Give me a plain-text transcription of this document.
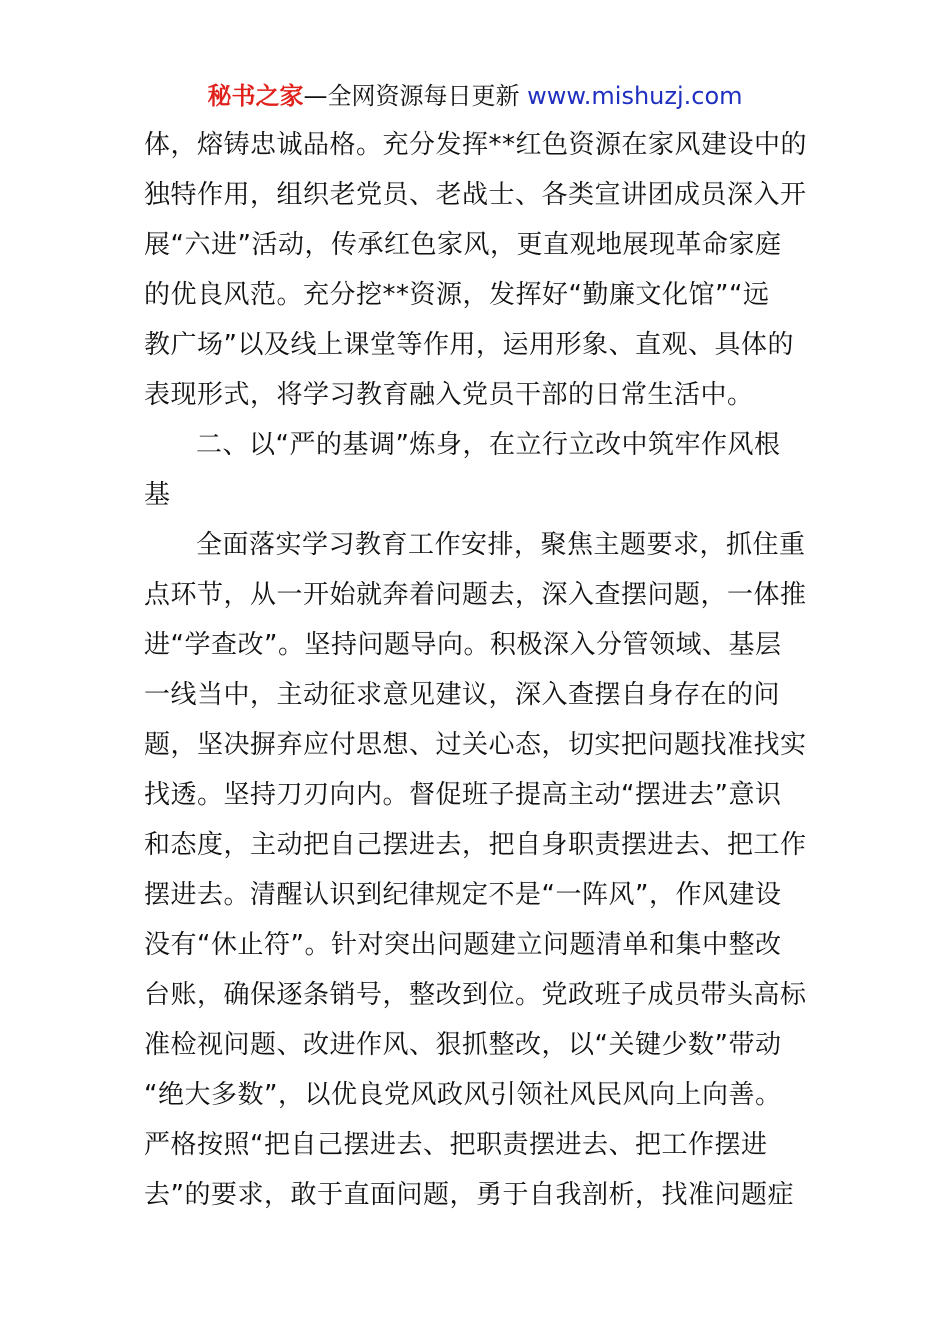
秘书之家—全网资源每日更新 www.mishuzj.com
体，熔铸忠诚品格。充分发挥**红色资源在家风建设中的
独特作用，组织老党员、老战士、各类宣讲团成员深入开
展“六进”活动，传承红色家风，更直观地展现革命家庭
的优良风范。充分挖**资源，发挥好“勤廉文化馆”“远
教广场”以及线上课堂等作用，运用形象、直观、具体的
表现形式，将学习教育融入党员干部的日常生活中。
二、以“严的基调”炼身，在立行立改中筑牢作风根
基
全面落实学习教育工作安排，聚焦主题要求，抓住重
点环节，从一开始就奔着问题去，深入查摆问题，一体推
进“学查改”。坚持问题导向。积极深入分管领域、基层
一线当中，主动征求意见建议，深入查摆自身存在的问
题，坚决摒弃应付思想、过关心态，切实把问题找准找实
找透。坚持刀刃向内。督促班子提高主动“摆进去”意识
和态度，主动把自己摆进去，把自身职责摆进去、把工作
摆进去。清醒认识到纪律规定不是“一阵风”，作风建设
没有“休止符”。针对突出问题建立问题清单和集中整改
台账，确保逐条销号，整改到位。党政班子成员带头高标
准检视问题、改进作风、狠抓整改，以“关键少数”带动
“绝大多数”，以优良党风政风引领社风民风向上向善。
严格按照“把自己摆进去、把职责摆进去、把工作摆进
去”的要求，敢于直面问题，勇于自我剖析，找准问题症
